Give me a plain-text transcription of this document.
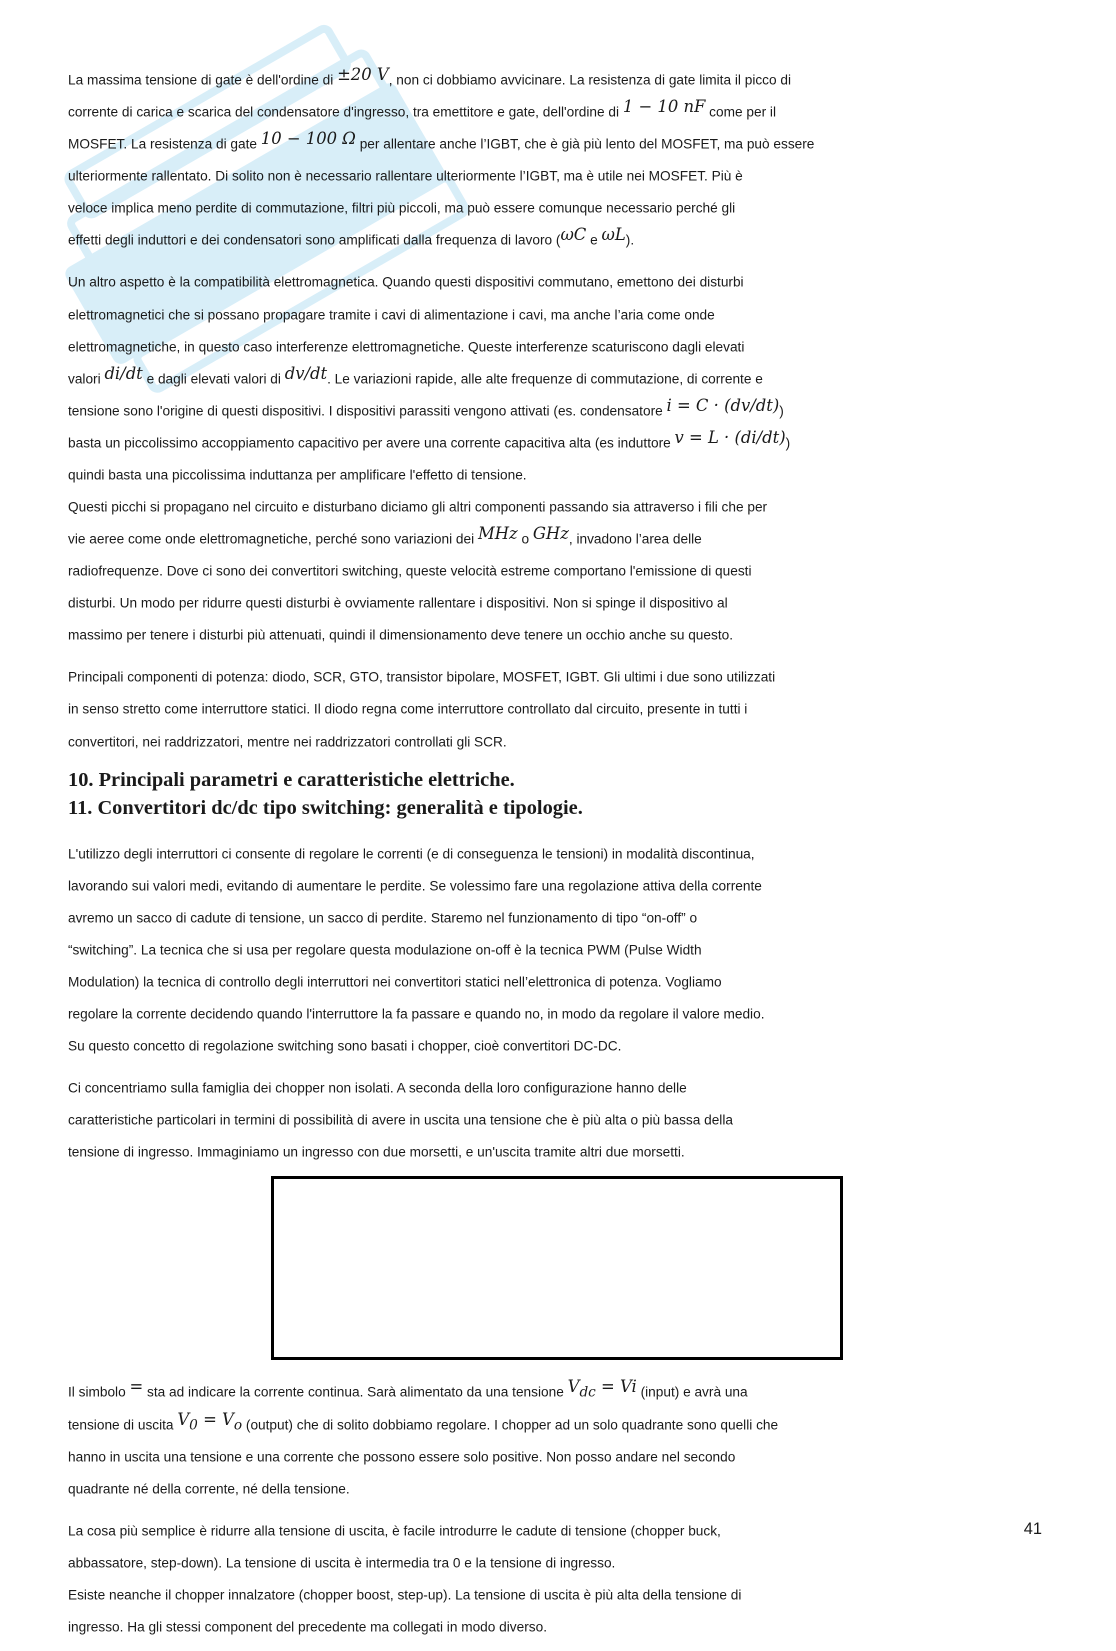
$_{La massima tensione di gate è dell'ordine di}$ ±20 $V_{, non ci dobbiamo avvicinare. La resistenza di gate limita il picco di}$
$_{corrente di carica e scarica del condensatore d'ingresso, tra emettitore e gate, dell'ordine di}$ 1 − 10 nF $_{come per il}$
$_{MOSFET. La resistenza di gate}$ 10 − 100 Ω $_{per allentare anche l’IGBT, che è già più lento del MOSFET, ma può essere}$
$_{ulteriormente rallentato. Di solito non è necessario rallentare ulteriormente l’IGBT, ma è utile nei MOSFET. Più è}$
$_{veloce implica meno perdite di commutazione, filtri più piccoli, ma può essere comunque necessario perché gli}$
$_{effetti degli induttori e dei condensatori sono amplificati dalla frequenza di lavoro (}$ωC $_e$ $\omega L_{).}$

$_{Un altro aspetto è la compatibilità elettromagnetica. Quando questi dispositivi commutano, emettono dei disturbi}$
$_{elettromagnetici che si possano propagare tramite i cavi di alimentazione i cavi, ma anche l’aria come onde}$
$_{elettromagnetiche, in questo caso interferenze elettromagnetiche. Queste interferenze scaturiscono dagli elevati}$
$_{valori}$ di/dt $_{e dagli elevati valori di}$ $dv/dt_{. Le variazioni rapide, alle alte frequenze di commutazione, di corrente e}$
$_{tensione sono l'origine di questi dispositivi. I dispositivi parassiti vengono attivati (es. condensatore}$ $i = C \cdot (dv/dt)_)$
$_{basta un piccolissimo accoppiamento capacitivo per avere una corrente capacitiva alta (es induttore}$ $v = L \cdot (di/dt)_)$
$_{quindi basta una piccolissima induttanza per amplificare l'effetto di tensione.}$

$_{Questi picchi si propagano nel circuito e disturbano diciamo gli altri componenti passando sia attraverso i fili che per}$
$_{vie aeree come onde elettromagnetiche, perché sono variazioni dei}$ MHz $_o$ GHz$_{, invadono l’area delle}$
$_{radiofrequenze. Dove ci sono dei convertitori switching, queste velocità estreme comportano l'emissione di questi}$
$_{disturbi. Un modo per ridurre questi disturbi è ovviamente rallentare i dispositivi. Non si spinge il dispositivo al}$
$_{massimo per tenere i disturbi più attenuati, quindi il dimensionamento deve tenere un occhio anche su questo.}$

$_{Principali componenti di potenza: diodo, SCR, GTO, transistor bipolare, MOSFET, IGBT. Gli ultimi i due sono utilizzati}$
$_{in senso stretto come interruttore statici. Il diodo regna come interruttore controllato dal circuito, presente in tutti i}$
$_{convertitori, nei raddrizzatori, mentre nei raddrizzatori controllati gli SCR.}$

10. Principali parametri e caratteristiche elettriche.
11. Convertitori dc/dc tipo switching: generalità e tipologie.

$_{L'utilizzo degli interruttori ci consente di regolare le correnti (e di conseguenza le tensioni) in modalità discontinua,}$
$_{lavorando sui valori medi, evitando di aumentare le perdite. Se volessimo fare una regolazione attiva della corrente}$
$_{avremo un sacco di cadute di tensione, un sacco di perdite. Staremo nel funzionamento di tipo “on-off” o}$
$_{“switching”. La tecnica che si usa per regolare questa modulazione on-off è la tecnica PWM (Pulse Width}$
$_{Modulation) la tecnica di controllo degli interruttori nei convertitori statici nell’elettronica di potenza. Vogliamo}$
$_{regolare la corrente decidendo quando l'interruttore la fa passare e quando no, in modo da regolare il valore medio.}$
$_{Su questo concetto di regolazione switching sono basati i chopper, cioè convertitori DC-DC.}$

$_{Ci concentriamo sulla famiglia dei chopper non isolati. A seconda della loro configurazione hanno delle}$
$_{caratteristiche particolari in termini di possibilità di avere in uscita una tensione che è più alta o più bassa della}$
$_{tensione di ingresso. Immaginiamo un ingresso con due morsetti, e un'uscita tramite altri due morsetti.}$

$_{Il simbolo}$ = $_{sta ad indicare la corrente continua. Sarà alimentato da una tensione}$ $V_{dc} = Vi$ $_{(input) e avrà una}$
$_{tensione di uscita}$ $V_0 = V_o$ $_{(output) che di solito dobbiamo regolare. I chopper ad un solo quadrante sono quelli che}$
$_{hanno in uscita una tensione e una corrente che possono essere solo positive. Non posso andare nel secondo}$
$_{quadrante né della corrente, né della tensione.}$

$_{La cosa più semplice è ridurre alla tensione di uscita, è facile introdurre le cadute di tensione (chopper buck,}$
$_{abbassatore, step-down). La tensione di uscita è intermedia tra 0 e la tensione di ingresso.}$

$_{Esiste neanche il chopper innalzatore (chopper boost, step-up). La tensione di uscita è più alta della tensione di}$
$_{ingresso. Ha gli stessi component del precedente ma collegati in modo diverso.}$

41
